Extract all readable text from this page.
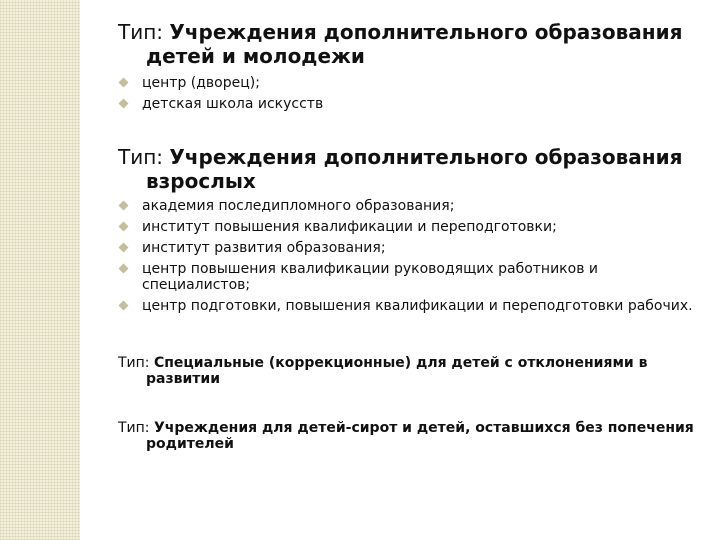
Тип: Учреждения дополнительного образования детей и молодежи
центр (дворец);
детская школа искусств
Тип: Учреждения дополнительного образования взрослых
академия последипломного образования;
институт повышения квалификации и переподготовки;
институт развития образования;
центр повышения квалификации руководящих работников и специалистов;
центр подготовки, повышения квалификации и переподготовки рабочих.
Тип: Специальные (коррекционные) для детей с отклонениями в развитии
Тип: Учреждения для детей-сирот и детей, оставшихся без попечения родителей
